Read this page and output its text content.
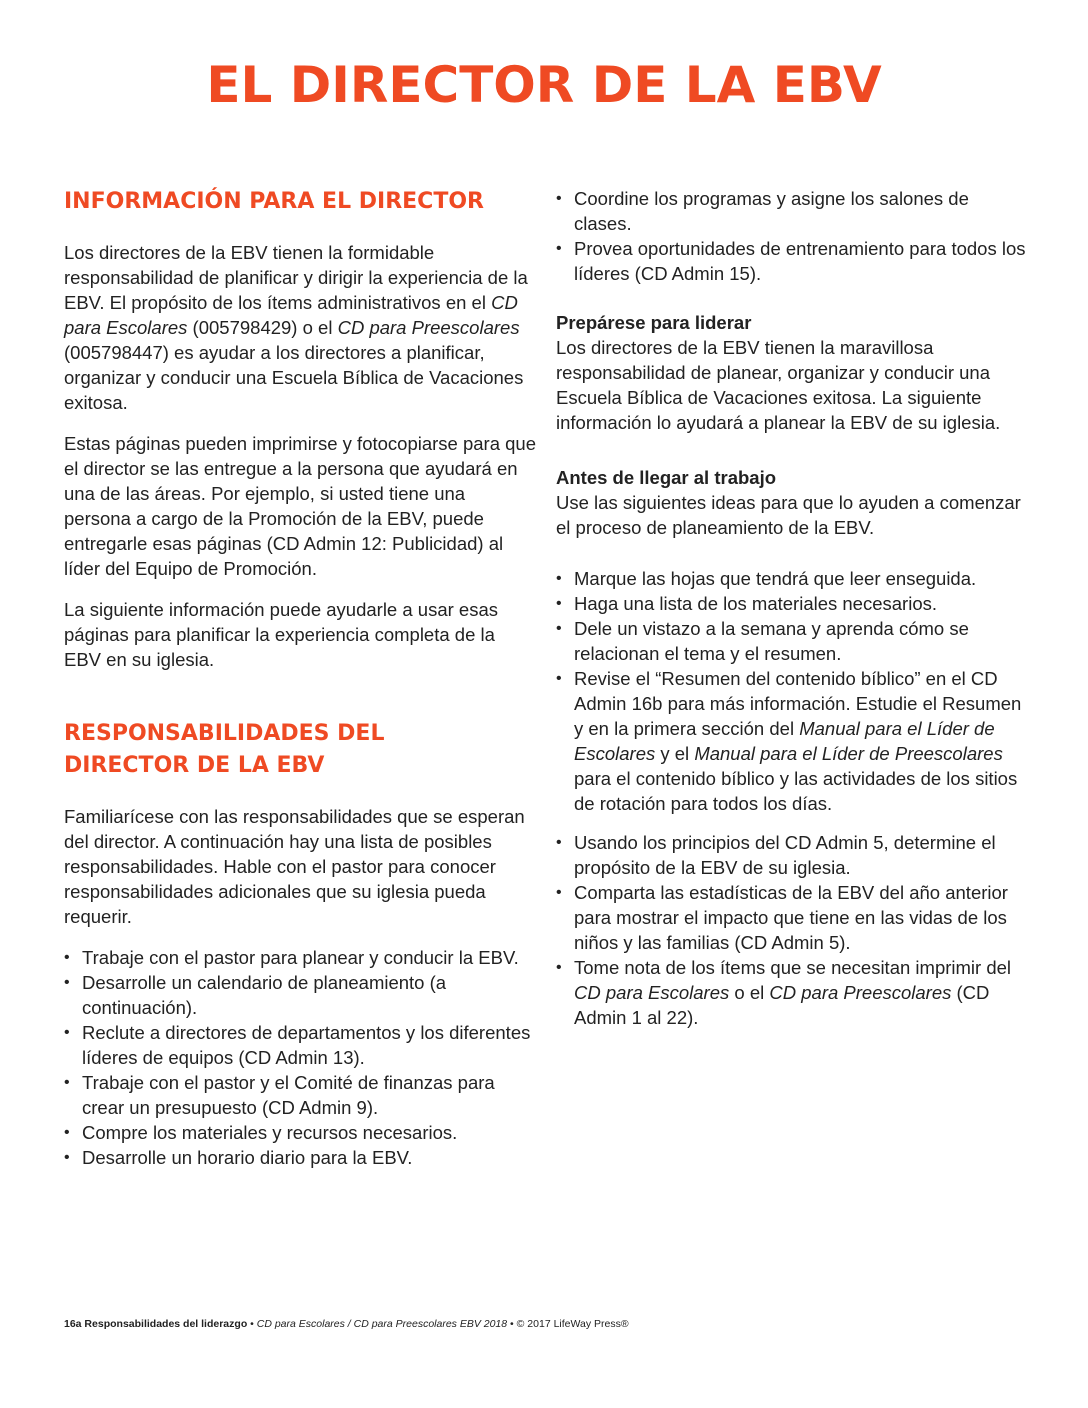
EL DIRECTOR DE LA EBV
INFORMACIÓN PARA EL DIRECTOR

Los directores de la EBV tienen la formidable responsabilidad de planificar y dirigir la experiencia de la EBV. El propósito de los ítems administrativos en el CD para Escolares (005798429) o el CD para Preescolares (005798447) es ayudar a los directores a planificar, organizar y conducir una Escuela Bíblica de Vacaciones exitosa.

Estas páginas pueden imprimirse y fotocopiarse para que el director se las entregue a la persona que ayudará en una de las áreas. Por ejemplo, si usted tiene una persona a cargo de la Promoción de la EBV, puede entregarle esas páginas (CD Admin 12: Publicidad) al líder del Equipo de Promoción.

La siguiente información puede ayudarle a usar esas páginas para planificar la experiencia completa de la EBV en su iglesia.

RESPONSABILIDADES DEL
DIRECTOR DE LA EBV

Familiarícese con las responsabilidades que se esperan del director. A continuación hay una lista de posibles responsabilidades. Hable con el pastor para conocer responsabilidades adicionales que su iglesia pueda requerir.

• Trabaje con el pastor para planear y conducir la EBV.
• Desarrolle un calendario de planeamiento (a continuación).
• Reclute a directores de departamentos y los diferentes líderes de equipos (CD Admin 13).
• Trabaje con el pastor y el Comité de finanzas para crear un presupuesto (CD Admin 9).
• Compre los materiales y recursos necesarios.
• Desarrolle un horario diario para la EBV.
• Coordine los programas y asigne los salones de clases.
• Provea oportunidades de entrenamiento para todos los líderes (CD Admin 15).

Prepárese para liderar

Los directores de la EBV tienen la maravillosa responsabilidad de planear, organizar y conducir una Escuela Bíblica de Vacaciones exitosa. La siguiente información lo ayudará a planear la EBV de su iglesia.

Antes de llegar al trabajo

Use las siguientes ideas para que lo ayuden a comenzar el proceso de planeamiento de la EBV.

• Marque las hojas que tendrá que leer enseguida.
• Haga una lista de los materiales necesarios.
• Dele un vistazo a la semana y aprenda cómo se relacionan el tema y el resumen.
• Revise el “Resumen del contenido bíblico” en el CD Admin 16b para más información. Estudie el Resumen y en la primera sección del Manual para el Líder de Escolares y el Manual para el Líder de Preescolares para el contenido bíblico y las actividades de los sitios de rotación para todos los días.
• Usando los principios del CD Admin 5, determine el propósito de la EBV de su iglesia.
• Comparta las estadísticas de la EBV del año anterior para mostrar el impacto que tiene en las vidas de los niños y las familias (CD Admin 5).
• Tome nota de los ítems que se necesitan imprimir del CD para Escolares o el CD para Preescolares (CD Admin 1 al 22).
16a Responsabilidades del liderazgo • CD para Escolares / CD para Preescolares EBV 2018 • © 2017 LifeWay Press®
